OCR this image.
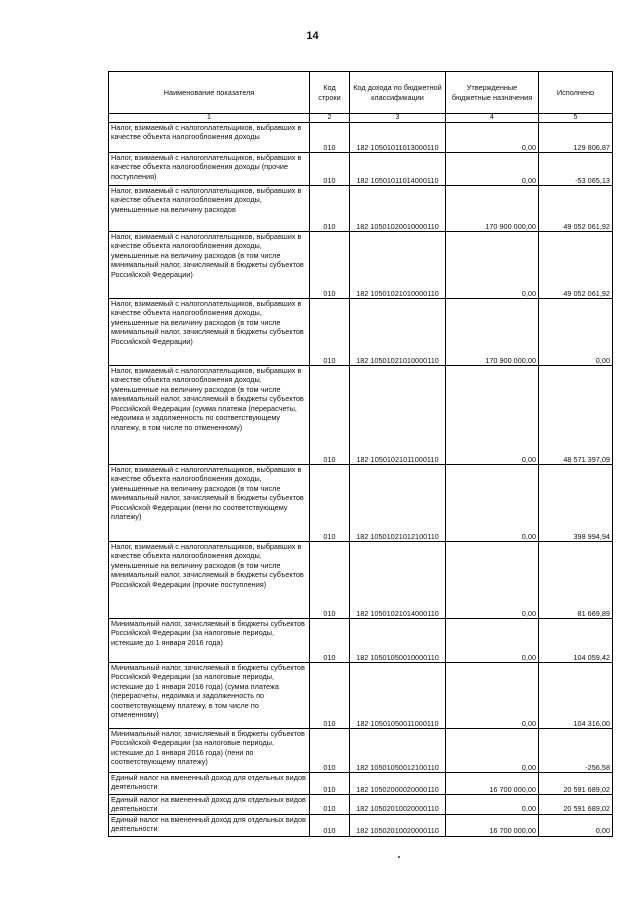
14
Наименование показателя	Код строки	Код дохода по бюджетной классификации	Утвержденные бюджетные назначения	Исполнено
1	2	3	4	5
Налог, взимаемый с налогоплательщиков, выбравших в качестве объекта налогообложения доходы	010	182 10501011013000110	0,00	129 806,87
Налог, взимаемый с налогоплательщиков, выбравших в качестве объекта налогообложения доходы (прочие поступления)	010	182 10501011014000110	0,00	-53 065,13
Налог, взимаемый с налогоплательщиков, выбравших в качестве объекта налогообложения доходы, уменьшенные на величину расходов	010	182 10501020010000110	170 900 000,00	49 052 061,92
Налог, взимаемый с налогоплательщиков, выбравших в качестве объекта налогообложения доходы, уменьшенные на величину расходов (в том числе минимальный налог, зачисляемый в бюджеты субъектов Российской Федерации)	010	182 10501021010000110	0,00	49 052 061,92
Налог, взимаемый с налогоплательщиков, выбравших в качестве объекта налогообложения доходы, уменьшенные на величину расходов (в том числе минимальный налог, зачисляемый в бюджеты субъектов Российской Федерации)	010	182 10501021010000110	170 900 000,00	0,00
Налог, взимаемый с налогоплательщиков, выбравших в качестве объекта налогообложения доходы, уменьшенные на величину расходов (в том числе минимальный налог, зачисляемый в бюджеты субъектов Российской Федерации (сумма платежа (перерасчеты, недоимка и задолженность по соответствующему платежу, в том числе по отмененному)	010	182 10501021011000110	0,00	48 571 397,09
Налог, взимаемый с налогоплательщиков, выбравших в качестве объекта налогообложения доходы, уменьшенные на величину расходов (в том числе минимальный налог, зачисляемый в бюджеты субъектов Российской Федерации (пени по соответствующему платежу)	010	182 10501021012100110	0,00	398 994,94
Налог, взимаемый с налогоплательщиков, выбравших в качестве объекта налогообложения доходы, уменьшенные на величину расходов (в том числе минимальный налог, зачисляемый в бюджеты субъектов Российской Федерации (прочие поступления)	010	182 10501021014000110	0,00	81 669,89
Минимальный налог, зачисляемый в бюджеты субъектов Российской Федерации (за налоговые периоды, истекшие до 1 января 2016 года)	010	182 10501050010000110	0,00	104 059,42
Минимальный налог, зачисляемый в бюджеты субъектов Российской Федерации (за налоговые периоды, истекшие до 1 января 2016 года) (сумма платежа (перерасчеты, недоимка и задолженность по соответствующему платежу, в том числе по отмененному)	010	182 10501050011000110	0,00	104 316,00
Минимальный налог, зачисляемый в бюджеты субъектов Российской Федерации (за налоговые периоды, истекшие до 1 января 2016 года) (пени по соответствующему платежу)	010	182 10501050012100110	0,00	-256,58
Единый налог на вмененный доход для отдельных видов деятельности	010	182 10502000020000110	16 700 000,00	20 591 689,02
Единый налог на вмененный доход для отдельных видов деятельности	010	182 10502010020000110	0,00	20 591 689,02
Единый налог на вмененный доход для отдельных видов деятельности	010	182 10502010020000110	16 700 000,00	0,00
